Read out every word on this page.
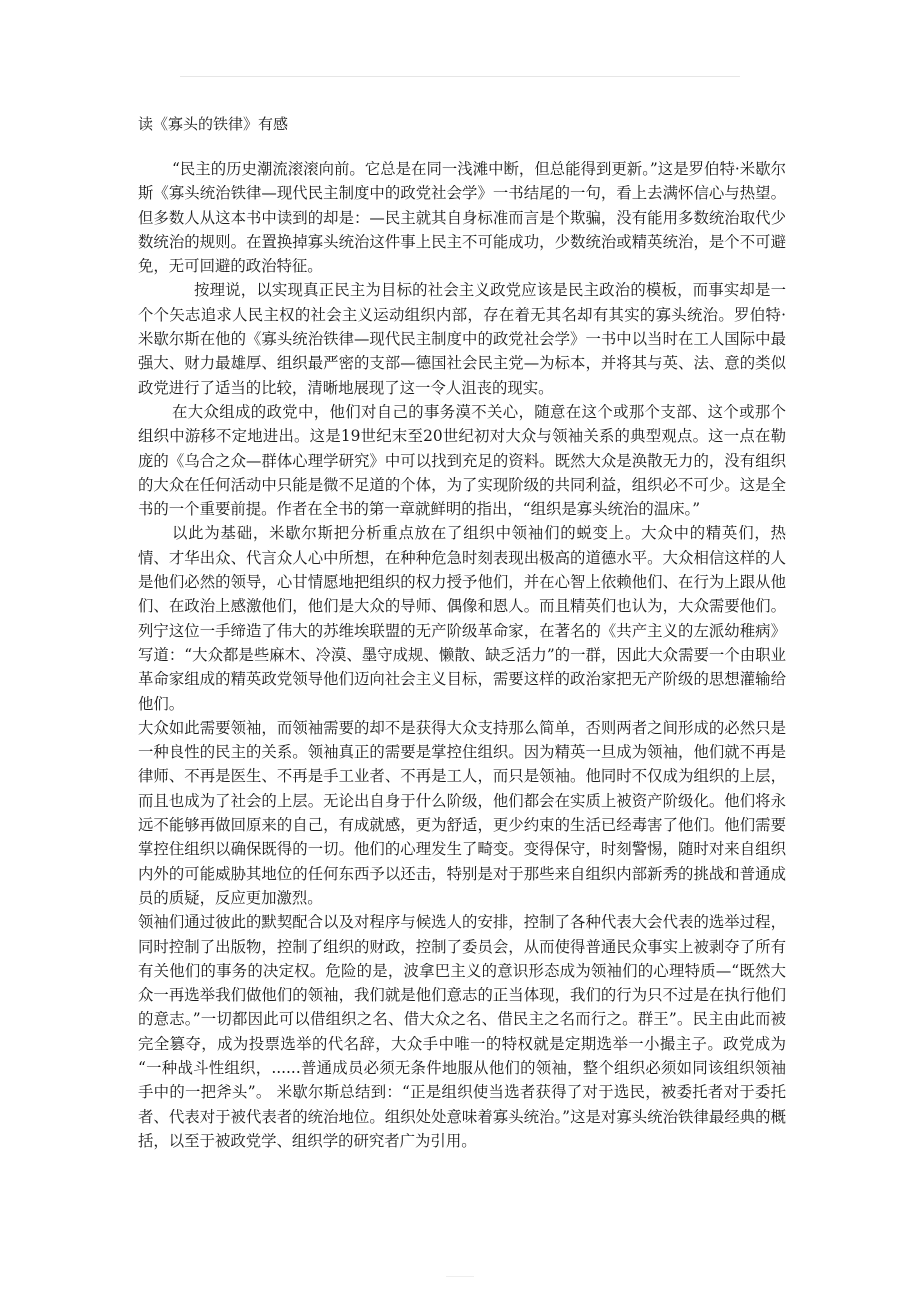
读《寡头的铁律》有感

“民主的历史潮流滚滚向前。它总是在同一浅滩中断，但总能得到更新。”这是罗伯特·米歇尔斯《寡头统治铁律—现代民主制度中的政党社会学》一书结尾的一句，看上去满怀信心与热望。但多数人从这本书中读到的却是：—民主就其自身标准而言是个欺骗，没有能用多数统治取代少数统治的规则。在置换掉寡头统治这件事上民主不可能成功，少数统治或精英统治，是个不可避免，无可回避的政治特征。

按理说，以实现真正民主为目标的社会主义政党应该是民主政治的模板，而事实却是一个个矢志追求人民主权的社会主义运动组织内部，存在着无其名却有其实的寡头统治。罗伯特·米歇尔斯在他的《寡头统治铁律—现代民主制度中的政党社会学》一书中以当时在工人国际中最强大、财力最雄厚、组织最严密的支部—德国社会民主党—为标本，并将其与英、法、意的类似政党进行了适当的比较，清晰地展现了这一令人沮丧的现实。

在大众组成的政党中，他们对自己的事务漠不关心，随意在这个或那个支部、这个或那个组织中游移不定地进出。这是19世纪末至20世纪初对大众与领袖关系的典型观点。这一点在勒庞的《乌合之众—群体心理学研究》中可以找到充足的资料。既然大众是涣散无力的，没有组织的大众在任何活动中只能是微不足道的个体，为了实现阶级的共同利益，组织必不可少。这是全书的一个重要前提。作者在全书的第一章就鲜明的指出，“组织是寡头统治的温床。”

以此为基础，米歇尔斯把分析重点放在了组织中领袖们的蜕变上。大众中的精英们，热情、才华出众、代言众人心中所想，在种种危急时刻表现出极高的道德水平。大众相信这样的人是他们必然的领导，心甘情愿地把组织的权力授予他们，并在心智上依赖他们、在行为上跟从他们、在政治上感激他们，他们是大众的导师、偶像和恩人。而且精英们也认为，大众需要他们。列宁这位一手缔造了伟大的苏维埃联盟的无产阶级革命家，在著名的《共产主义的左派幼稚病》写道：“大众都是些麻木、冷漠、墨守成规、懒散、缺乏活力”的一群，因此大众需要一个由职业革命家组成的精英政党领导他们迈向社会主义目标，需要这样的政治家把无产阶级的思想灌输给他们。

大众如此需要领袖，而领袖需要的却不是获得大众支持那么简单，否则两者之间形成的必然只是一种良性的民主的关系。领袖真正的需要是掌控住组织。因为精英一旦成为领袖，他们就不再是律师、不再是医生、不再是手工业者、不再是工人，而只是领袖。他同时不仅成为组织的上层，而且也成为了社会的上层。无论出自身于什么阶级，他们都会在实质上被资产阶级化。他们将永远不能够再做回原来的自己，有成就感，更为舒适，更少约束的生活已经毒害了他们。他们需要掌控住组织以确保既得的一切。他们的心理发生了畸变。变得保守，时刻警惕，随时对来自组织内外的可能威胁其地位的任何东西予以还击，特别是对于那些来自组织内部新秀的挑战和普通成员的质疑，反应更加激烈。

领袖们通过彼此的默契配合以及对程序与候选人的安排，控制了各种代表大会代表的选举过程，同时控制了出版物，控制了组织的财政，控制了委员会，从而使得普通民众事实上被剥夺了所有有关他们的事务的决定权。危险的是，波拿巴主义的意识形态成为领袖们的心理特质—“既然大众一再选举我们做他们的领袖，我们就是他们意志的正当体现，我们的行为只不过是在执行他们的意志。”一切都因此可以借组织之名、借大众之名、借民主之名而行之。群王”。民主由此而被完全篡夺，成为投票选举的代名辞，大众手中唯一的特权就是定期选举一小撮主子。政党成为 “一种战斗性组织，......普通成员必须无条件地服从他们的领袖，整个组织必须如同该组织领袖手中的一把斧头”。 米歇尔斯总结到：“正是组织使当选者获得了对于选民，被委托者对于委托者、代表对于被代表者的统治地位。组织处处意味着寡头统治。”这是对寡头统治铁律最经典的概括，以至于被政党学、组织学的研究者广为引用。
